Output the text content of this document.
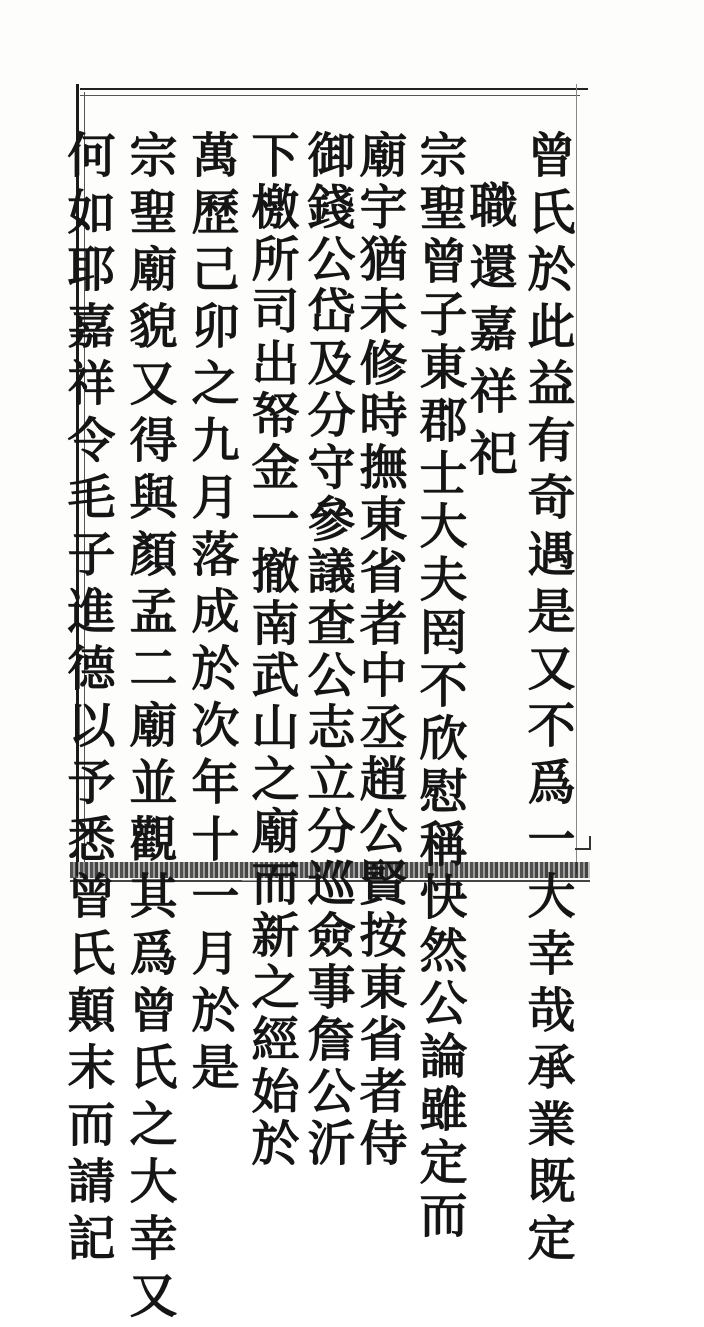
曾氏於此益有奇遇是又不爲一大幸哉承業既定
職還嘉祥祀
宗聖曾子東郡士大夫罔不欣慰稱快然公論雖定而
廟宇猶未修時撫東省者中丞趙公賢按東省者侍
御錢公岱及分守參議查公志立分巡僉事詹公沂
下檄所司出帑金一撤南武山之廟而新之經始於
萬歷己卯之九月落成於次年十一月於是
宗聖廟貌又得與顏孟二廟並觀其爲曾氏之大幸又
何如耶嘉祥令毛子進德以予悉曾氏顛末而請記
